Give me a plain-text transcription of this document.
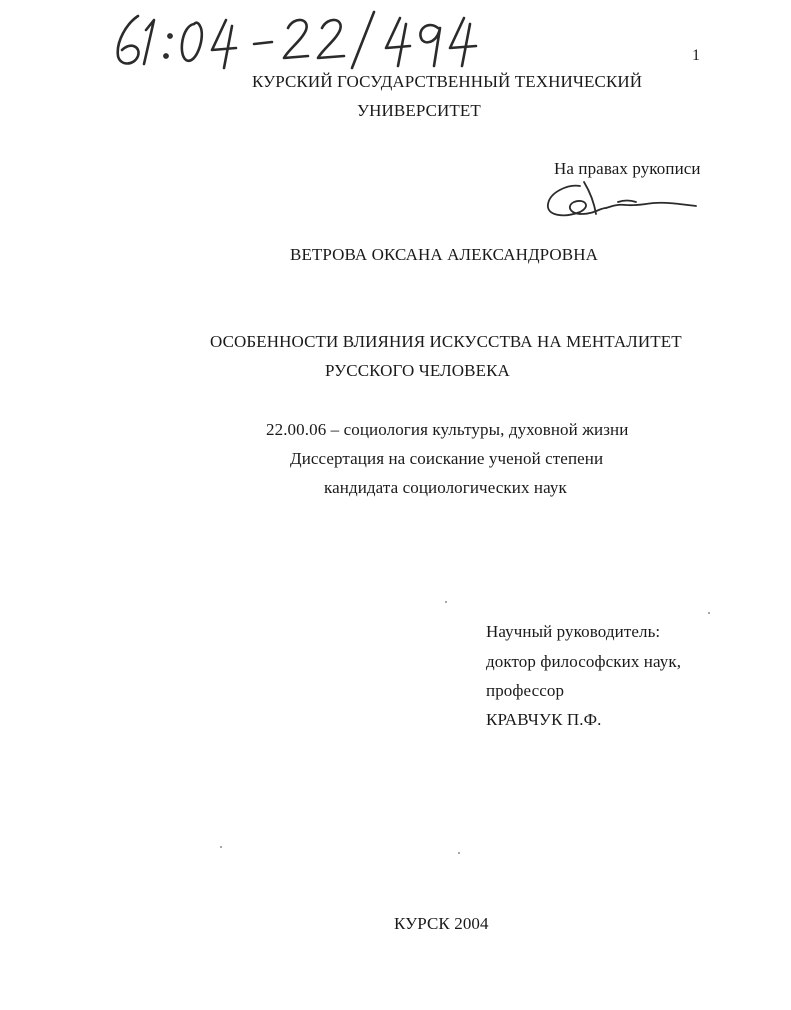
1
КУРСКИЙ ГОСУДАРСТВЕННЫЙ ТЕХНИЧЕСКИЙ
УНИВЕРСИТЕТ
На правах рукописи
ВЕТРОВА ОКСАНА АЛЕКСАНДРОВНА
ОСОБЕННОСТИ ВЛИЯНИЯ ИСКУССТВА НА МЕНТАЛИТЕТ
РУССКОГО ЧЕЛОВЕКА
22.00.06 – социология культуры, духовной жизни
Диссертация на соискание ученой степени
кандидата социологических наук
Научный руководитель:
доктор философских наук,
профессор
КРАВЧУК П.Ф.
КУРСК 2004
